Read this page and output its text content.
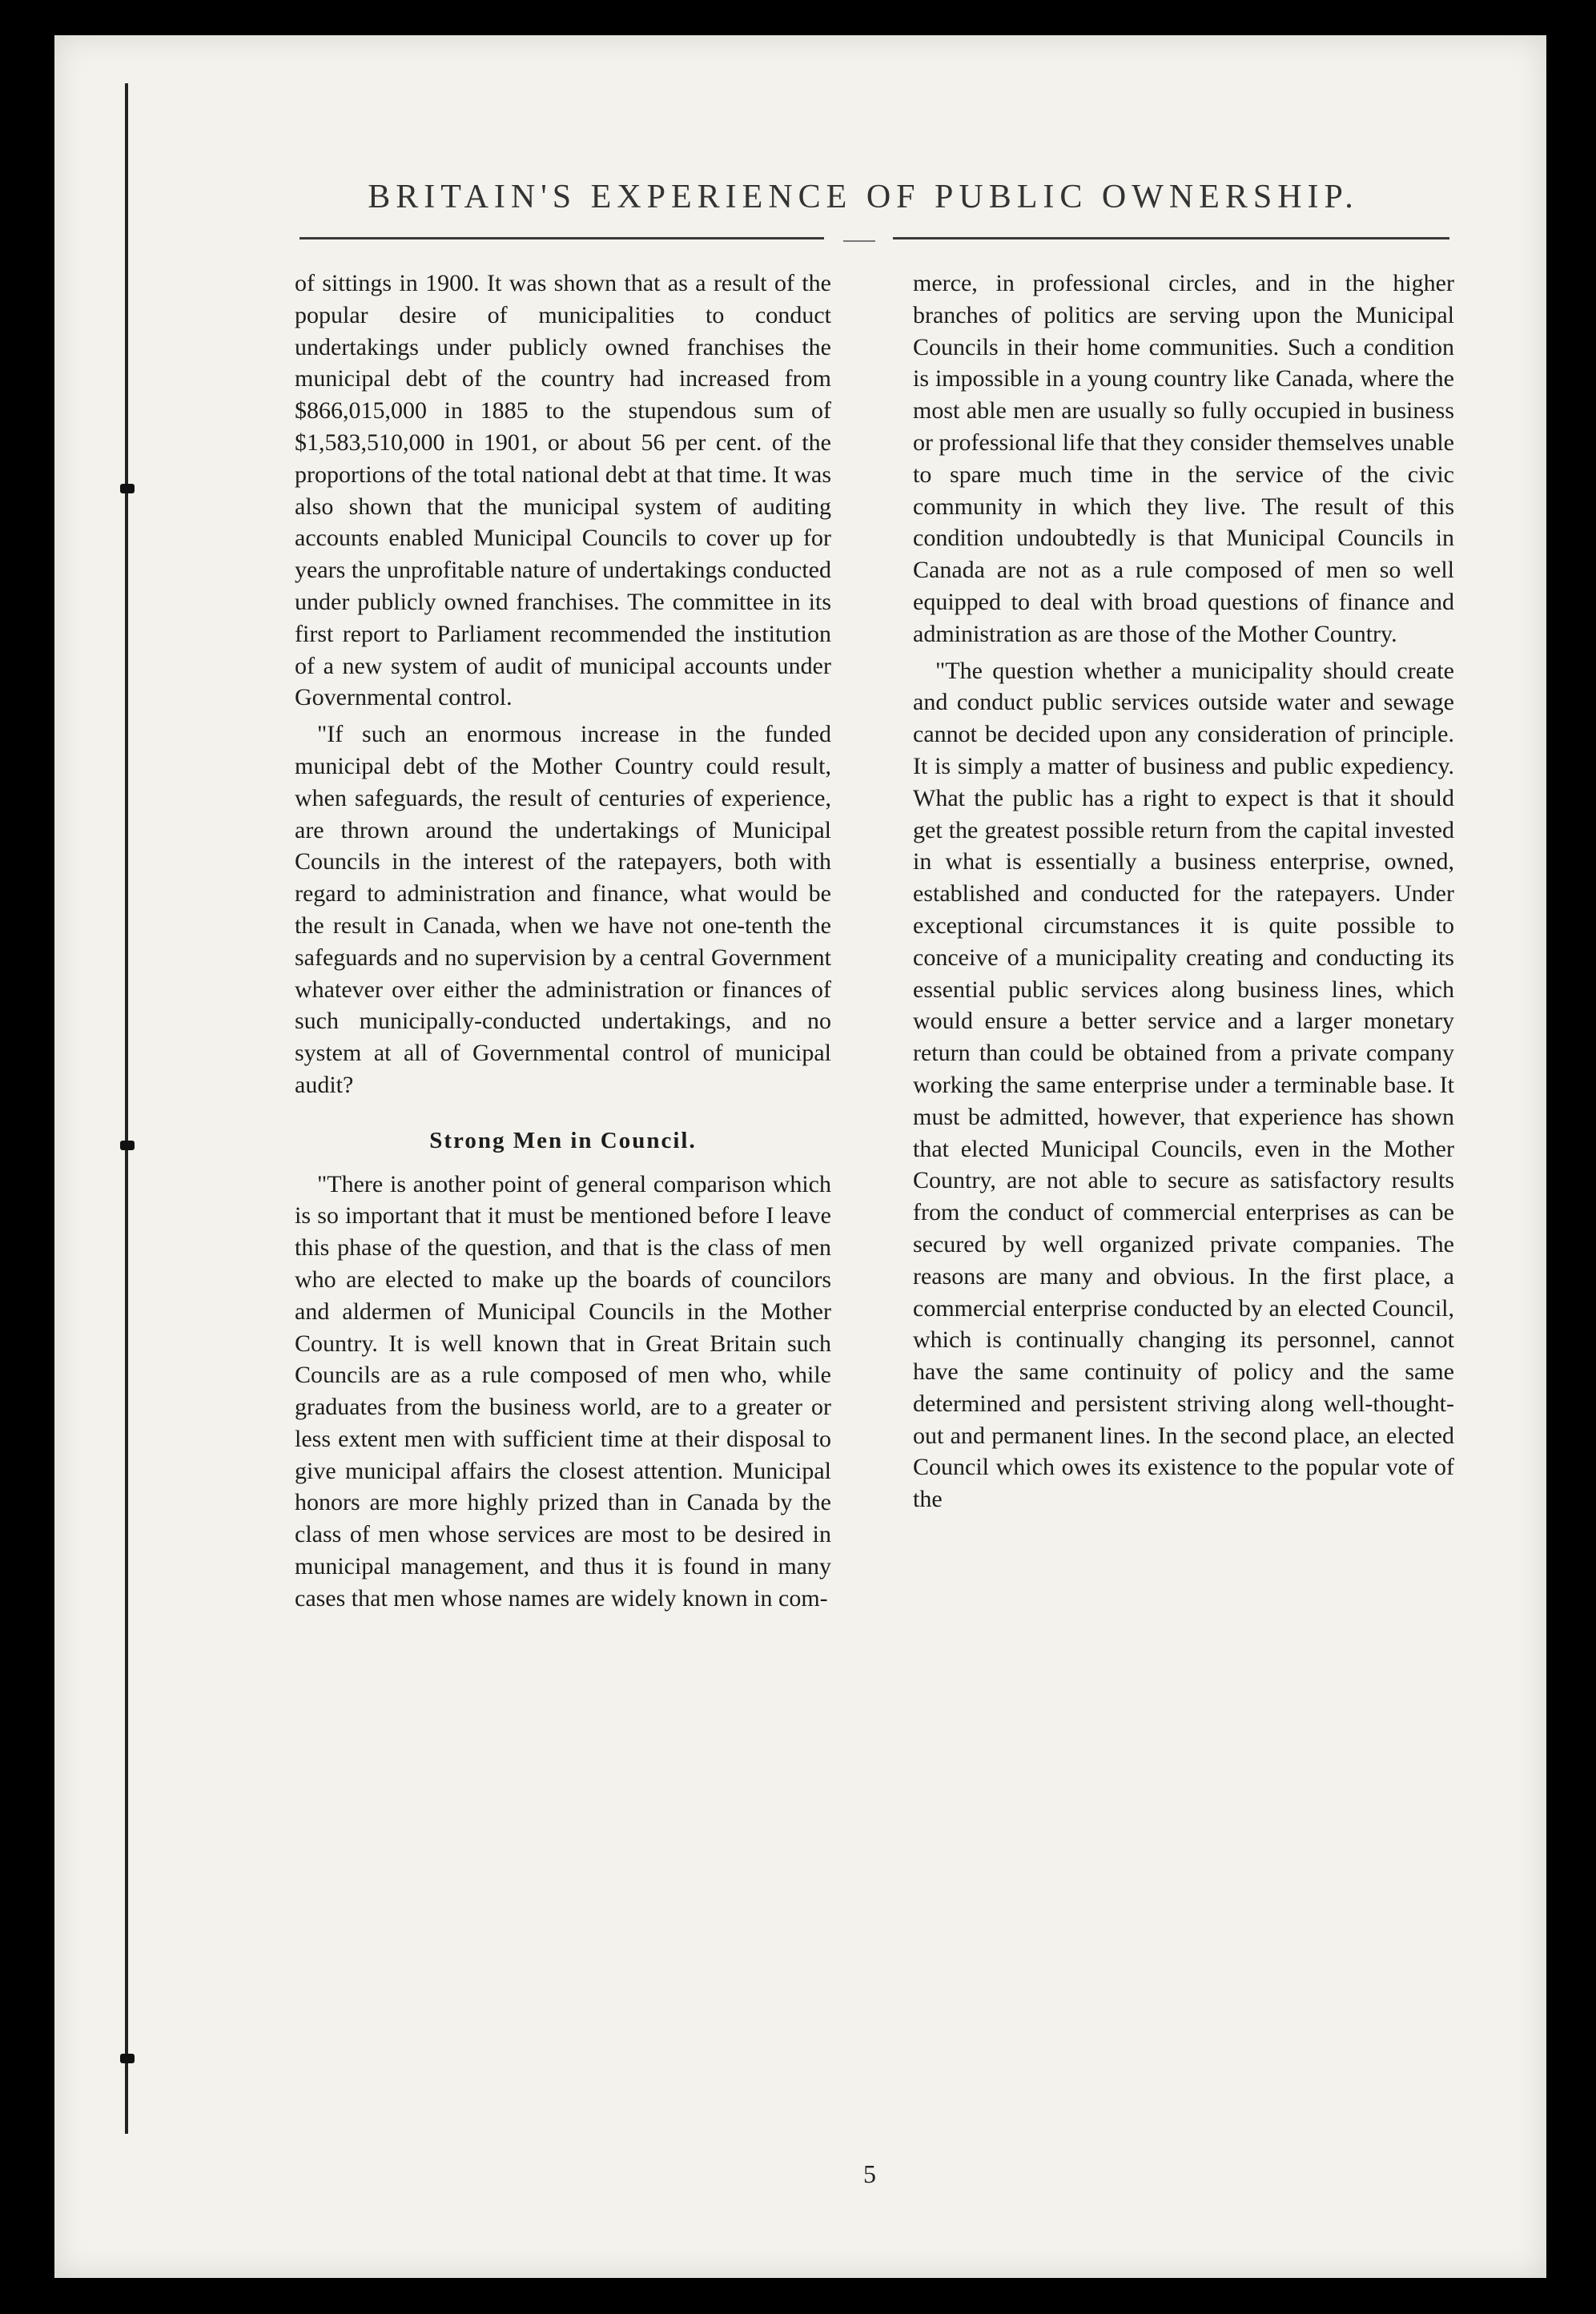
BRITAIN'S EXPERIENCE OF PUBLIC OWNERSHIP.

of sittings in 1900. It was shown that as a result of the popular desire of municipalities to conduct undertakings under publicly owned franchises the municipal debt of the country had increased from $866,015,000 in 1885 to the stupendous sum of $1,583,510,000 in 1901, or about 56 per cent. of the proportions of the total national debt at that time. It was also shown that the municipal system of auditing accounts enabled Municipal Councils to cover up for years the unprofitable nature of undertakings conducted under publicly owned franchises. The committee in its first report to Parliament recommended the institution of a new system of audit of municipal accounts under Governmental control.

"If such an enormous increase in the funded municipal debt of the Mother Country could result, when safeguards, the result of centuries of experience, are thrown around the undertakings of Municipal Councils in the interest of the ratepayers, both with regard to administration and finance, what would be the result in Canada, when we have not one-tenth the safeguards and no supervision by a central Government whatever over either the administration or finances of such municipally-conducted undertakings, and no system at all of Governmental control of municipal audit?

Strong Men in Council.

"There is another point of general comparison which is so important that it must be mentioned before I leave this phase of the question, and that is the class of men who are elected to make up the boards of councilors and aldermen of Municipal Councils in the Mother Country. It is well known that in Great Britain such Councils are as a rule composed of men who, while graduates from the business world, are to a greater or less extent men with sufficient time at their disposal to give municipal affairs the closest attention. Municipal honors are more highly prized than in Canada by the class of men whose services are most to be desired in municipal management, and thus it is found in many cases that men whose names are widely known in com-

merce, in professional circles, and in the higher branches of politics are serving upon the Municipal Councils in their home communities. Such a condition is impossible in a young country like Canada, where the most able men are usually so fully occupied in business or professional life that they consider themselves unable to spare much time in the service of the civic community in which they live. The result of this condition undoubtedly is that Municipal Councils in Canada are not as a rule composed of men so well equipped to deal with broad questions of finance and administration as are those of the Mother Country.

"The question whether a municipality should create and conduct public services outside water and sewage cannot be decided upon any consideration of principle. It is simply a matter of business and public expediency. What the public has a right to expect is that it should get the greatest possible return from the capital invested in what is essentially a business enterprise, owned, established and conducted for the ratepayers. Under exceptional circumstances it is quite possible to conceive of a municipality creating and conducting its essential public services along business lines, which would ensure a better service and a larger monetary return than could be obtained from a private company working the same enterprise under a terminable base. It must be admitted, however, that experience has shown that elected Municipal Councils, even in the Mother Country, are not able to secure as satisfactory results from the conduct of commercial enterprises as can be secured by well organized private companies. The reasons are many and obvious. In the first place, a commercial enterprise conducted by an elected Council, which is continually changing its personnel, cannot have the same continuity of policy and the same determined and persistent striving along well-thought-out and permanent lines. In the second place, an elected Council which owes its existence to the popular vote of the

5
